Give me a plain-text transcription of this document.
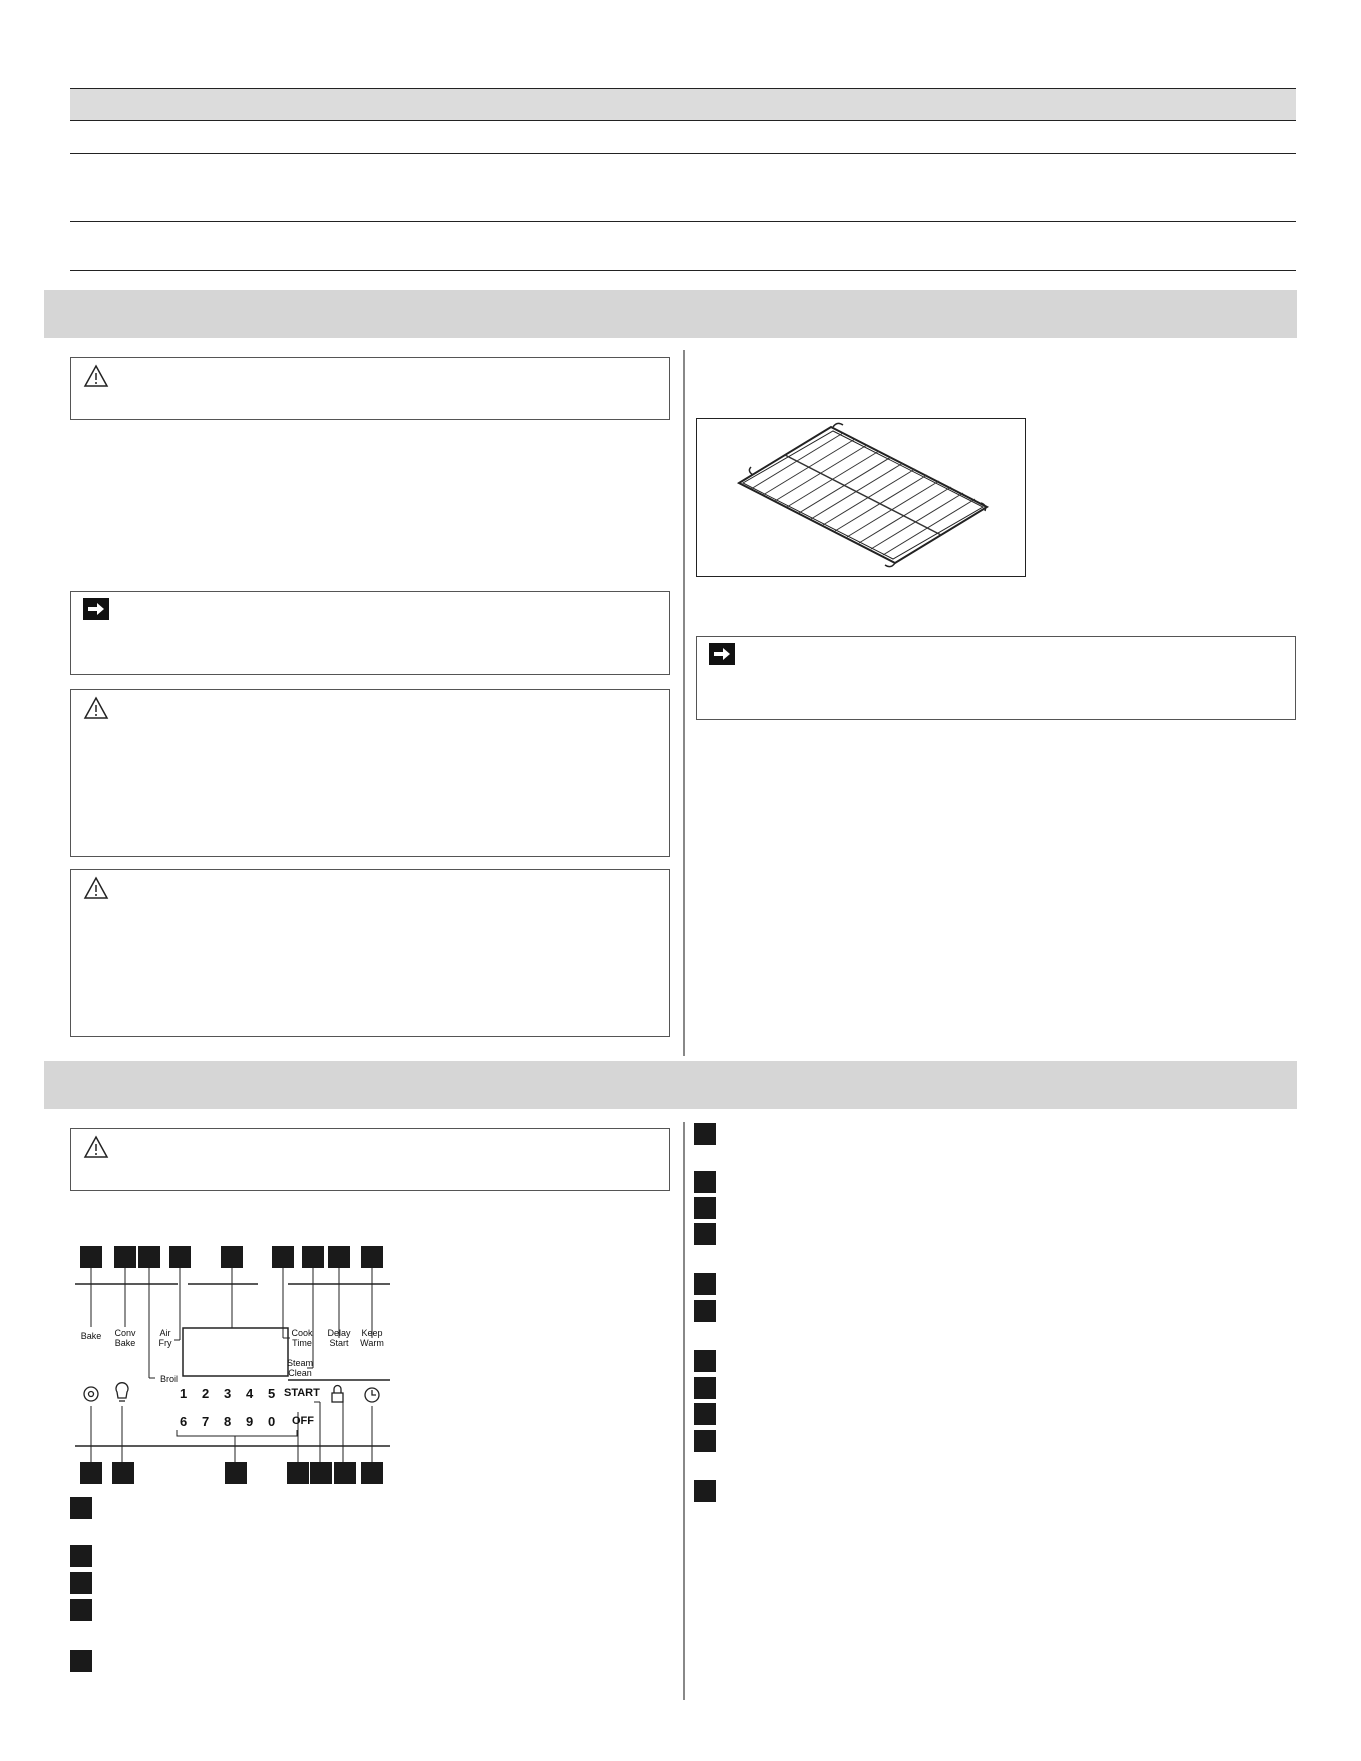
Bake	Conv
Bake
Air
Fry
Broil
Cook
Time
Steam
Clean
Delay
Start
Keep
Warm
1 2 3 4 5
6 7 8 9 0
START
OFF
